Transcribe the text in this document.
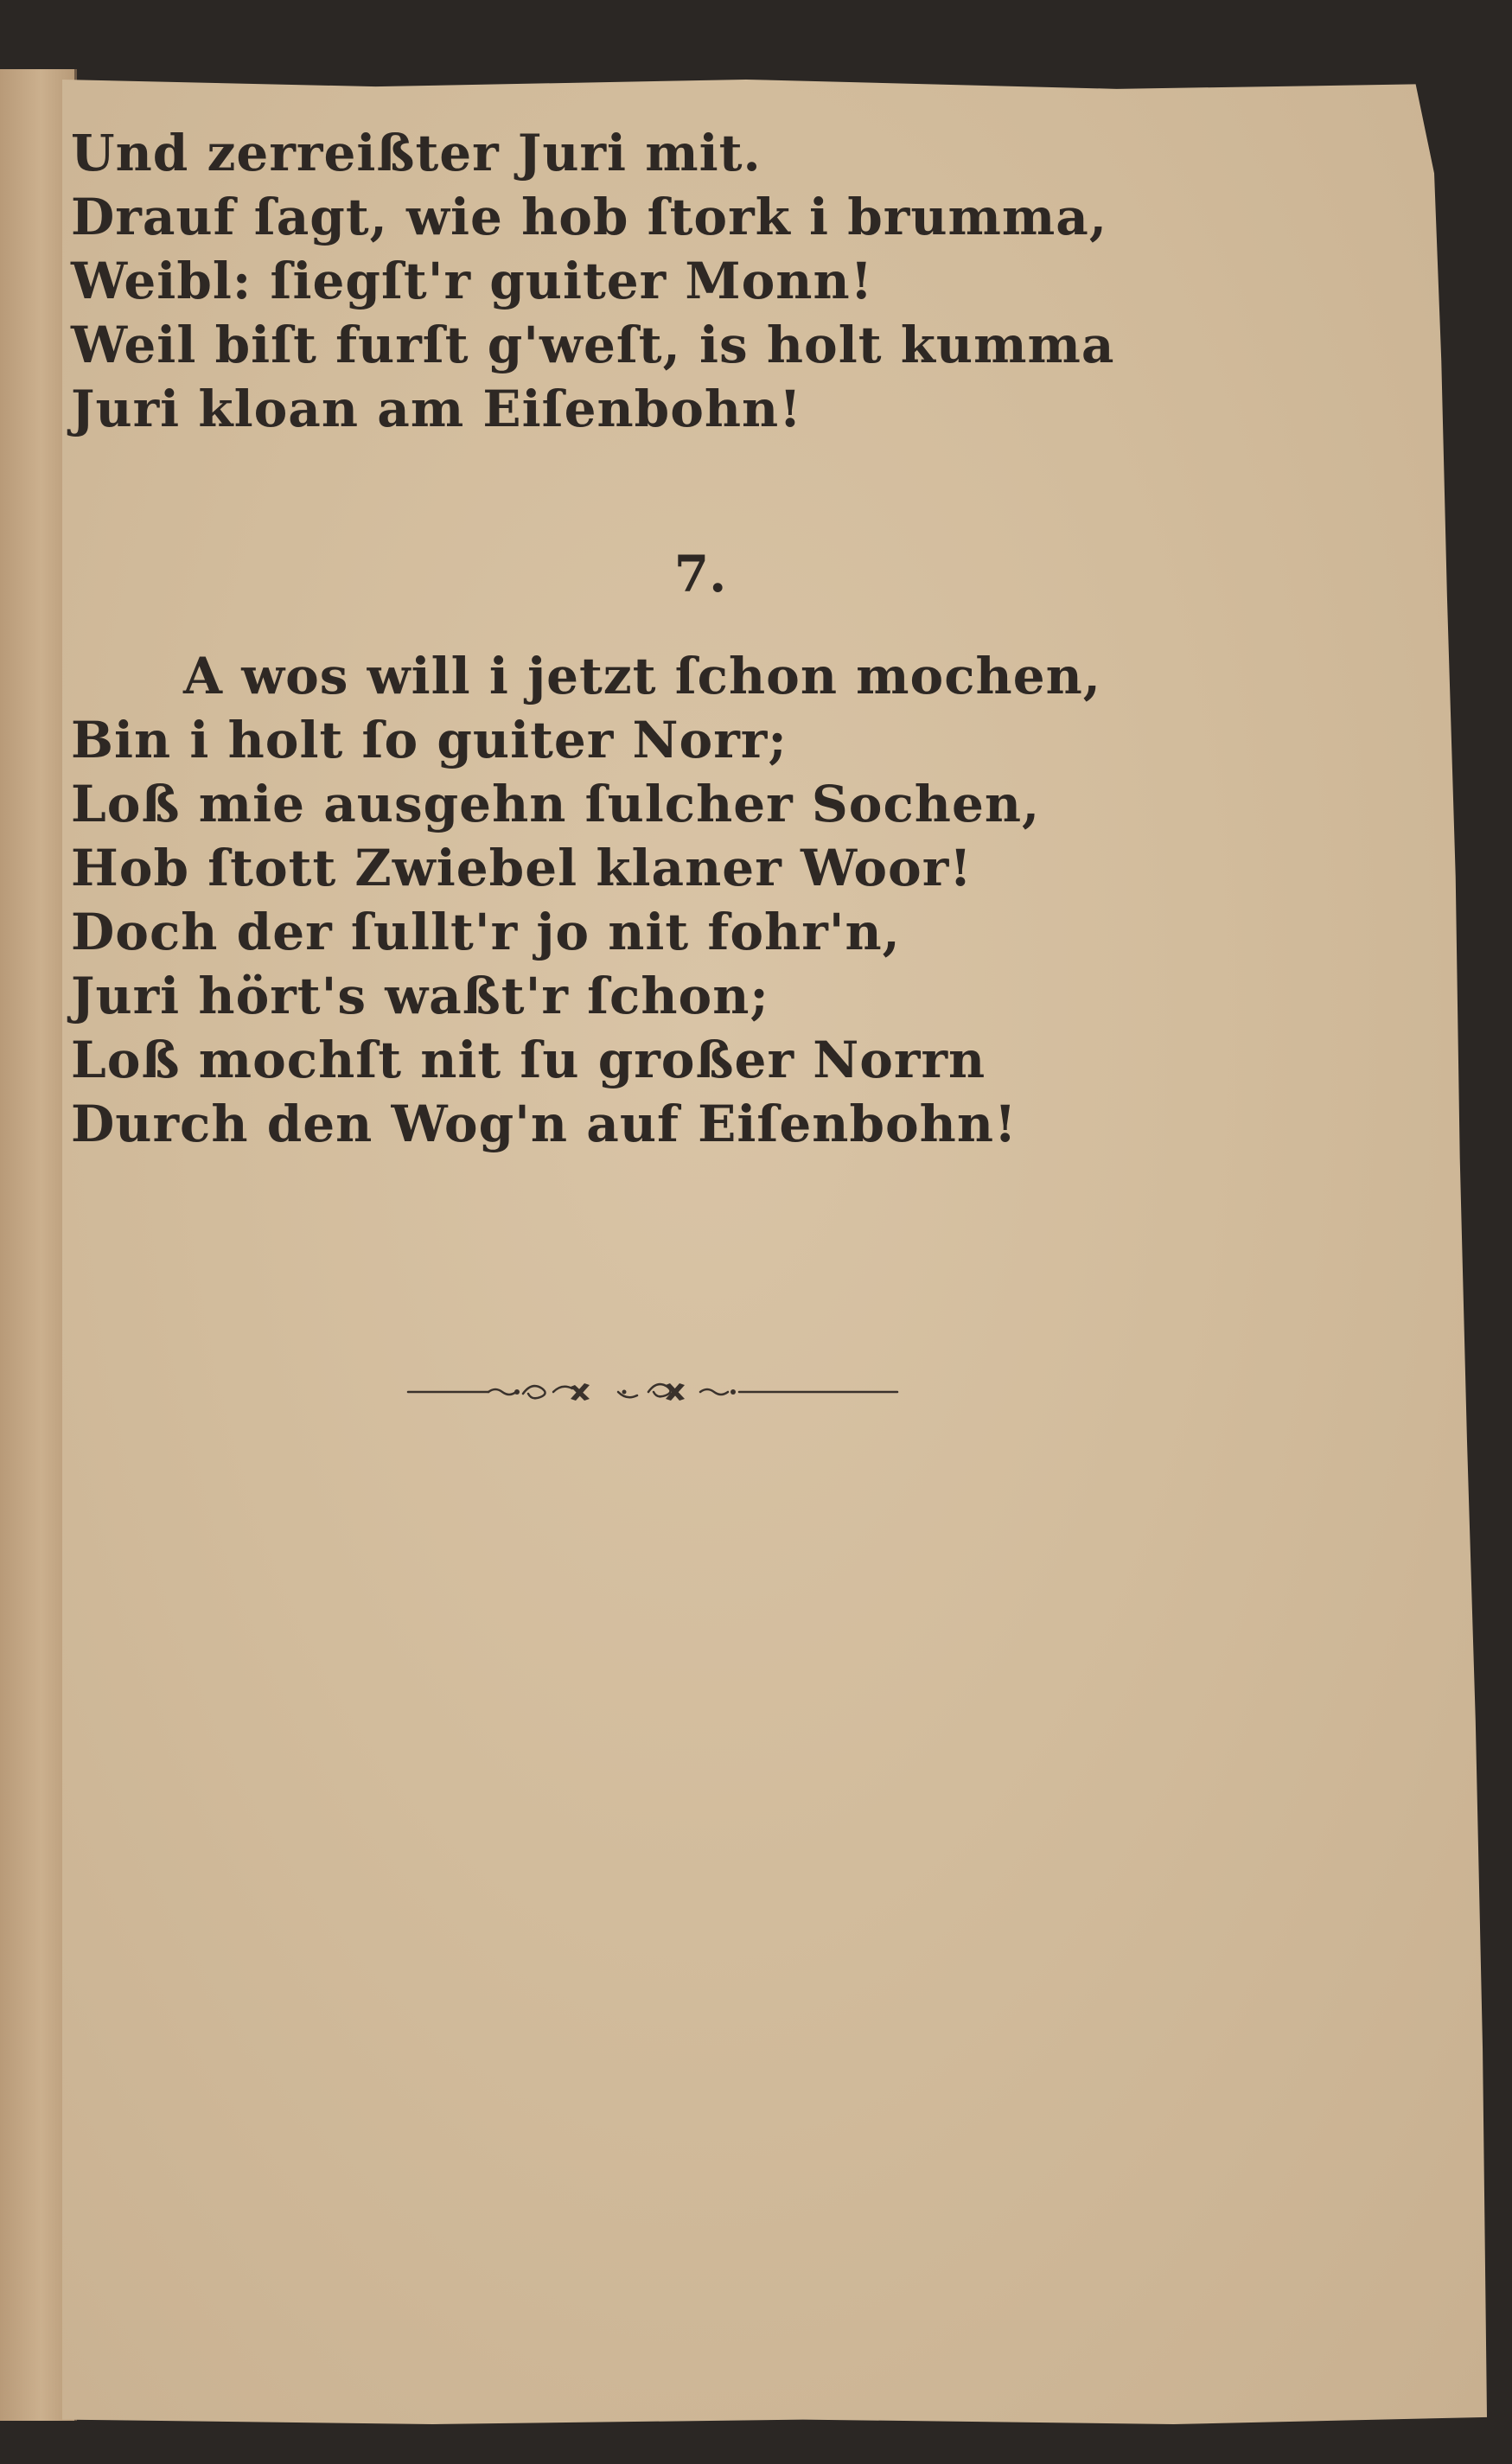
Und zerreißter Juri mit.
Drauf ſagt, wie hob ſtork i brumma,
Weibl: ſiegſt'r guiter Monn!
Weil biſt furſt g'weſt, is holt kumma
Juri kloan am Eiſenbohn!
7.
A wos will i jetzt ſchon mochen,
Bin i holt ſo guiter Norr;
Loß mie ausgehn ſulcher Sochen,
Hob ſtott Zwiebel klaner Woor!
Doch der ſullt'r jo nit fohr'n,
Juri hört's waßt'r ſchon;
Loß mochſt nit ſu großer Norrn
Durch den Wog'n auf Eiſenbohn!
